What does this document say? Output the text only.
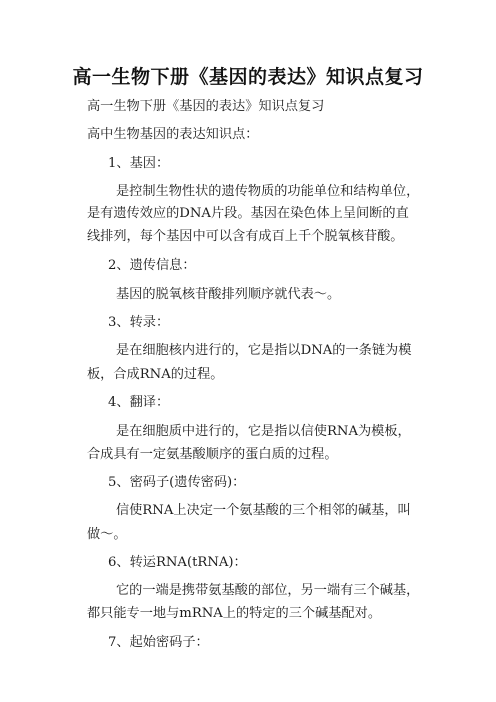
高一生物下册《基因的表达》知识点复习
高一生物下册《基因的表达》知识点复习
高中生物基因的表达知识点：
1、基因：
是控制生物性状的遗传物质的功能单位和结构单位，
是有遗传效应的DNA片段。基因在染色体上呈间断的直
线排列，每个基因中可以含有成百上千个脱氧核苷酸。
2、遗传信息：
基因的脱氧核苷酸排列顺序就代表～。
3、转录：
是在细胞核内进行的，它是指以DNA的一条链为模
板，合成RNA的过程。
4、翻译：
是在细胞质中进行的，它是指以信使RNA为模板，
合成具有一定氨基酸顺序的蛋白质的过程。
5、密码子(遗传密码)：
信使RNA上决定一个氨基酸的三个相邻的碱基，叫
做～。
6、转运RNA(tRNA)：
它的一端是携带氨基酸的部位，另一端有三个碱基，
都只能专一地与mRNA上的特定的三个碱基配对。
7、起始密码子：
